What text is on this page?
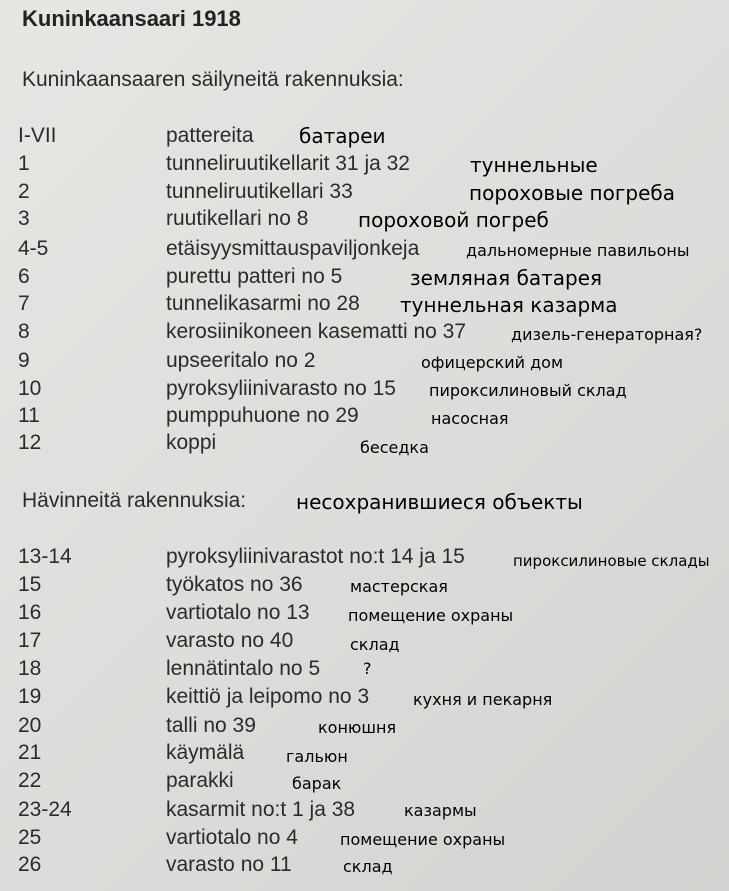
Kuninkaansaari 1918
Kuninkaansaaren säilyneitä rakennuksia:
I-VII	pattereita батареи
1	tunneliruutikellarit 31 ja 32	туннельные
2	tunneliruutikellari 33	пороховые погреба
3	ruutikellari no 8 пороховой погреб
4-5	etäisyysmittauspaviljonkeja	дальномерные павильоны
6	purettu patteri no 5	земляная батарея
7	tunnelikasarmi no 28 туннельная казарма
8	kerosiinikoneen kasematti no 37	дизель-генераторная?
9	upseeritalo no 2	офицерский дом
10	pyroksyliinivarasto no 15 пироксилиновый склад
11	pumppuhuone no 29	насосная
12	koppi	беседка
Hävinneitä rakennuksia: несохранившиеся объекты
13-14	pyroksyliinivarastot no:t 14 ja 15	пироксилиновые склады
15	työkatos no 36	мастерская
16	vartiotalo no 13 помещение охраны
17	varasto no 40	склад
18	lennätintalo no 5	?
19	keittiö ja leipomo no 3	кухня и пекарня
20	talli no 39	конюшня
21	käymälä	гальюн
22	parakki	барак
23-24	kasarmit no:t 1 ja 38	казармы
25	vartiotalo no 4	помещение охраны
26	varasto no 11	склад
